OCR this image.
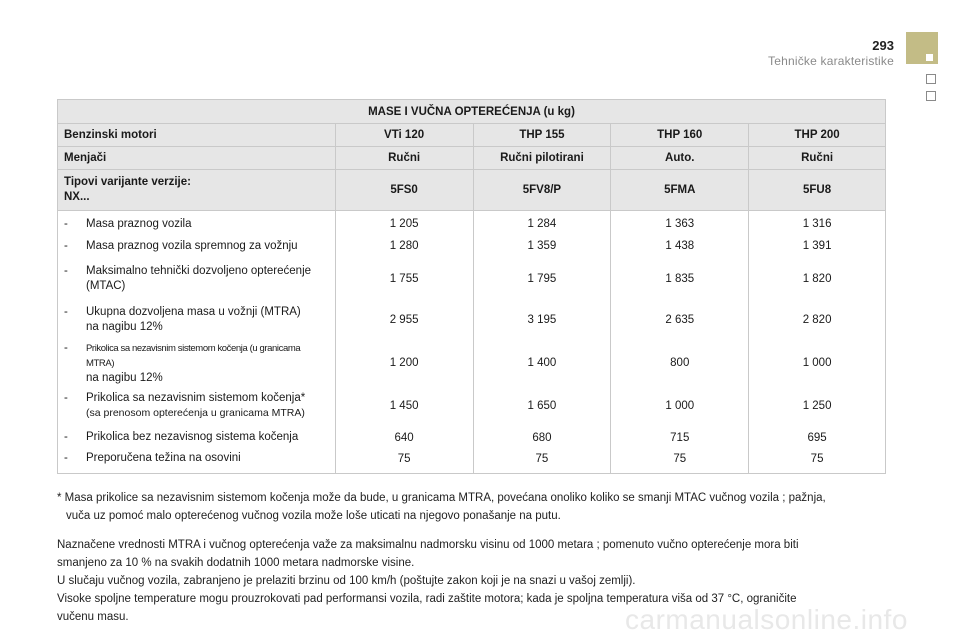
293
Tehničke karakteristike
MASE I VUČNA OPTEREĆENJA (u kg)				
Benzinski motori	VTi 120	THP 155	THP 160	THP 200
Menjači	Ručni	Ručni pilotirani	Auto.	Ručni

Tipovi varijante verzije:
NX...	5FS0	5FV8/P	5FMA	5FU8

- Masa praznog vozila	1 205	1 284	1 363	1 316

- Masa praznog vozila spremnog za vožnju	1 280	1 359	1 438	1 391

- Maksimalno tehnički dozvoljeno opterećenje
(MTAC)	1 755	1 795	1 835	1 820

- Ukupna dozvoljena masa u vožnji (MTRA)
na nagibu 12%	2 955	3 195	2 635	2 820

- Prikolica sa nezavisnim sistemom kočenja (u granicama MTRA)
na nagibu 12%	1 200	1 400	800	1 000

- Prikolica sa nezavisnim sistemom kočenja*
(sa prenosom opterećenja u granicama MTRA)	1 450	1 650	1 000	1 250

- Prikolica bez nezavisnog sistema kočenja	640	680	715	695

- Preporučena težina na osovini	75	75	75	75
* Masa prikolice sa nezavisnim sistemom kočenja može da bude, u granicama MTRA, povećana onoliko koliko se smanji MTAC vučnog vozila ; pažnja,
vuča uz pomoć malo opterećenog vučnog vozila može loše uticati na njegovo ponašanje na putu.
Naznačene vrednosti MTRA i vučnog opterećenja važe za maksimalnu nadmorsku visinu od 1000 metara ; pomenuto vučno opterećenje mora biti
smanjeno za 10 % na svakih dodatnih 1000 metara nadmorske visine.
U slučaju vučnog vozila, zabranjeno je prelaziti brzinu od 100 km/h (poštujte zakon koji je na snazi u vašoj zemlji).
Visoke spoljne temperature mogu prouzrokovati pad performansi vozila, radi zaštite motora; kada je spoljna temperatura viša od 37 °C, ograničite
vučenu masu.	carmanualsonline.info
